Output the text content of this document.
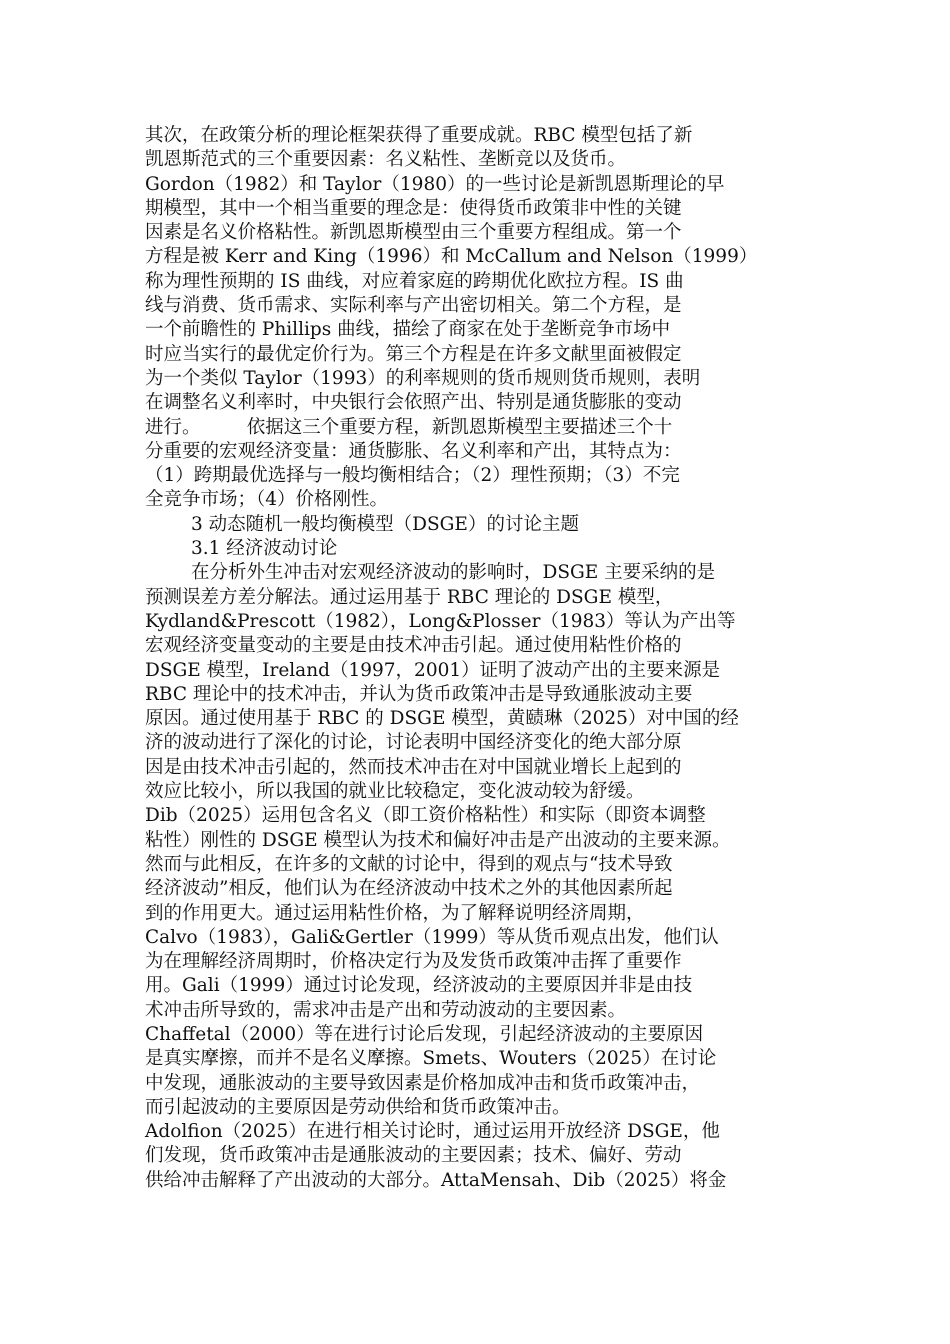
其次，在政策分析的理论框架获得了重要成就。RBC 模型包括了新
凯恩斯范式的三个重要因素：名义粘性、垄断竞以及货币。
Gordon（1982）和 Taylor（1980）的一些讨论是新凯恩斯理论的早
期模型，其中一个相当重要的理念是：使得货币政策非中性的关键
因素是名义价格粘性。新凯恩斯模型由三个重要方程组成。第一个
方程是被 Kerr and King（1996）和 McCallum and Nelson（1999）
称为理性预期的 IS 曲线，对应着家庭的跨期优化欧拉方程。IS 曲
线与消费、货币需求、实际利率与产出密切相关。第二个方程，是
一个前瞻性的 Phillips 曲线，描绘了商家在处于垄断竞争市场中
时应当实行的最优定价行为。第三个方程是在许多文献里面被假定
为一个类似 Taylor（1993）的利率规则的货币规则货币规则，表明
在调整名义利率时，中央银行会依照产出、特别是通货膨胀的变动
进行。　　　依据这三个重要方程，新凯恩斯模型主要描述三个十
分重要的宏观经济变量：通货膨胀、名义利率和产出，其特点为：
（1）跨期最优选择与一般均衡相结合；（2）理性预期；（3）不完
全竞争市场；（4）价格刚性。
3 动态随机一般均衡模型（DSGE）的讨论主题
3.1 经济波动讨论
在分析外生冲击对宏观经济波动的影响时，DSGE 主要采纳的是
预测误差方差分解法。通过运用基于 RBC 理论的 DSGE 模型，
Kydland&Prescott（1982），Long&Plosser（1983）等认为产出等
宏观经济变量变动的主要是由技术冲击引起。通过使用粘性价格的
DSGE 模型，Ireland（1997，2001）证明了波动产出的主要来源是
RBC 理论中的技术冲击，并认为货币政策冲击是导致通胀波动主要
原因。通过使用基于 RBC 的 DSGE 模型，黄赜琳（2025）对中国的经
济的波动进行了深化的讨论，讨论表明中国经济变化的绝大部分原
因是由技术冲击引起的，然而技术冲击在对中国就业增长上起到的
效应比较小，所以我国的就业比较稳定，变化波动较为舒缓。
Dib（2025）运用包含名义（即工资价格粘性）和实际（即资本调整
粘性）刚性的 DSGE 模型认为技术和偏好冲击是产出波动的主要来源。
然而与此相反，在许多的文献的讨论中，得到的观点与“技术导致
经济波动”相反，他们认为在经济波动中技术之外的其他因素所起
到的作用更大。通过运用粘性价格，为了解释说明经济周期，
Calvo（1983），Gali&Gertler（1999）等从货币观点出发，他们认
为在理解经济周期时，价格决定行为及发货币政策冲击挥了重要作
用。Gali（1999）通过讨论发现，经济波动的主要原因并非是由技
术冲击所导致的，需求冲击是产出和劳动波动的主要因素。
Chaffetal（2000）等在进行讨论后发现，引起经济波动的主要原因
是真实摩擦，而并不是名义摩擦。Smets、Wouters（2025）在讨论
中发现，通胀波动的主要导致因素是价格加成冲击和货币政策冲击，
而引起波动的主要原因是劳动供给和货币政策冲击。
Adolfion（2025）在进行相关讨论时，通过运用开放经济 DSGE，他
们发现，货币政策冲击是通胀波动的主要因素；技术、偏好、劳动
供给冲击解释了产出波动的大部分。AttaMensah、Dib（2025）将金
